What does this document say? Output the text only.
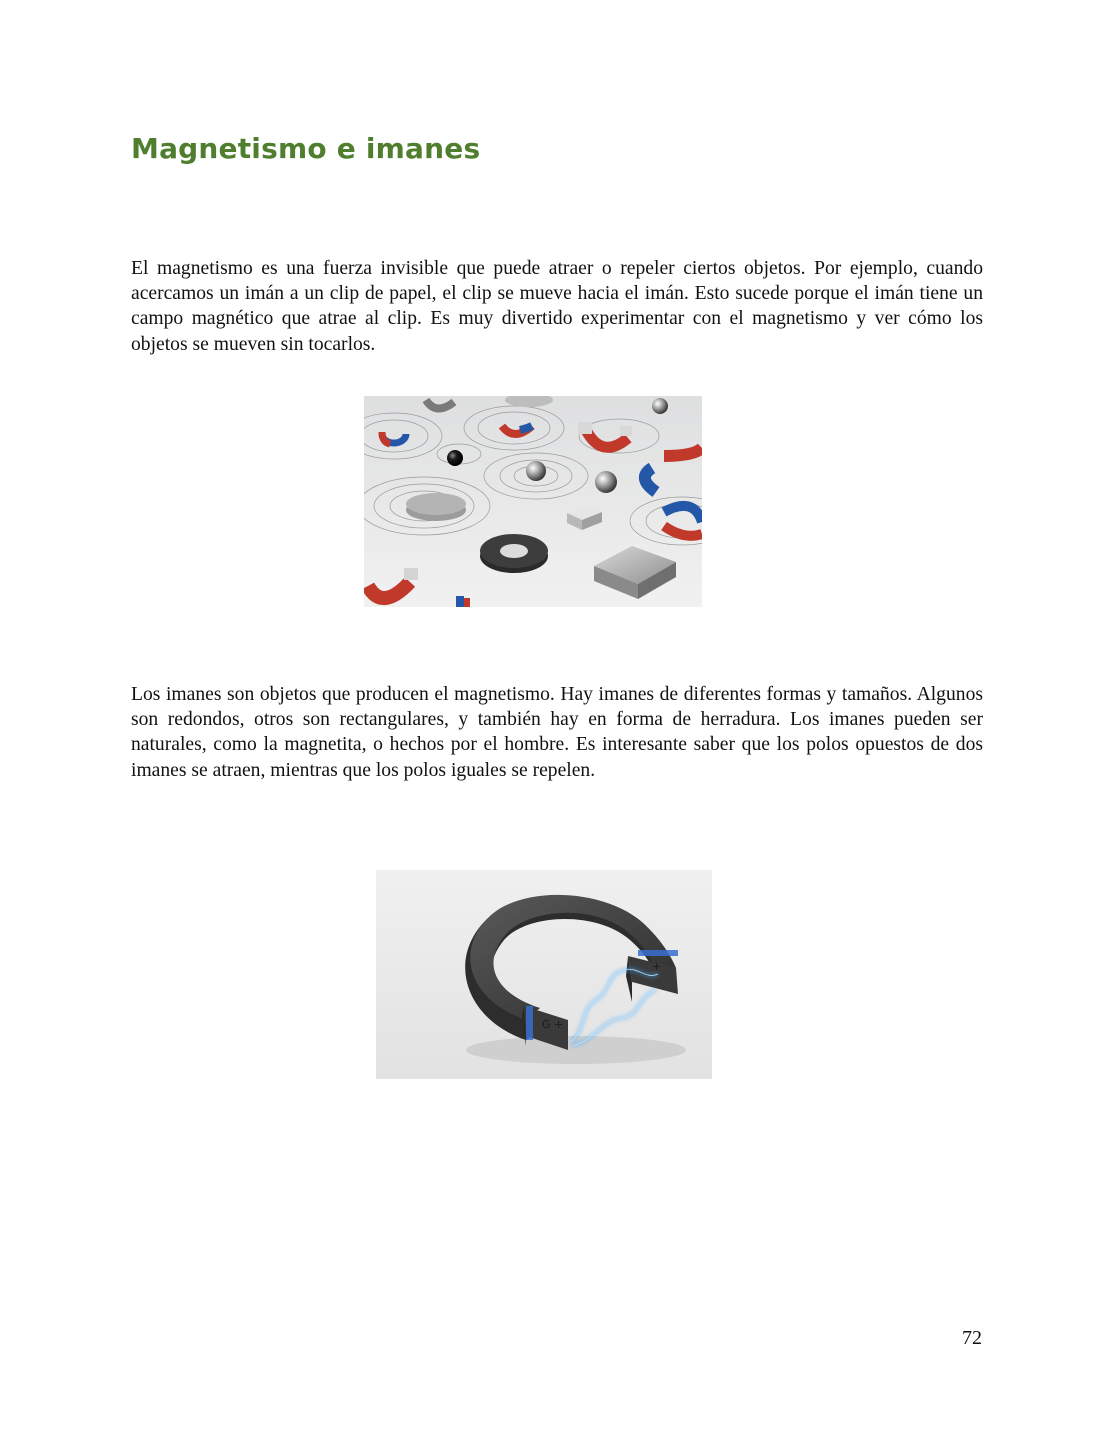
Magnetismo e imanes

El magnetismo es una fuerza invisible que puede atraer o repeler ciertos objetos. Por ejemplo, cuando acercamos un imán a un clip de papel, el clip se mueve hacia el imán. Esto sucede porque el imán tiene un campo magnético que atrae al clip. Es muy divertido experimentar con el magnetismo y ver cómo los objetos se mueven sin tocarlos.

Los imanes son objetos que producen el magnetismo. Hay imanes de diferentes formas y tamaños. Algunos son redondos, otros son rectangulares, y también hay en forma de herradura. Los imanes pueden ser naturales, como la magnetita, o hechos por el hombre. Es interesante saber que los polos opuestos de dos imanes se atraen, mientras que los polos iguales se repelen.

G +
+
72
